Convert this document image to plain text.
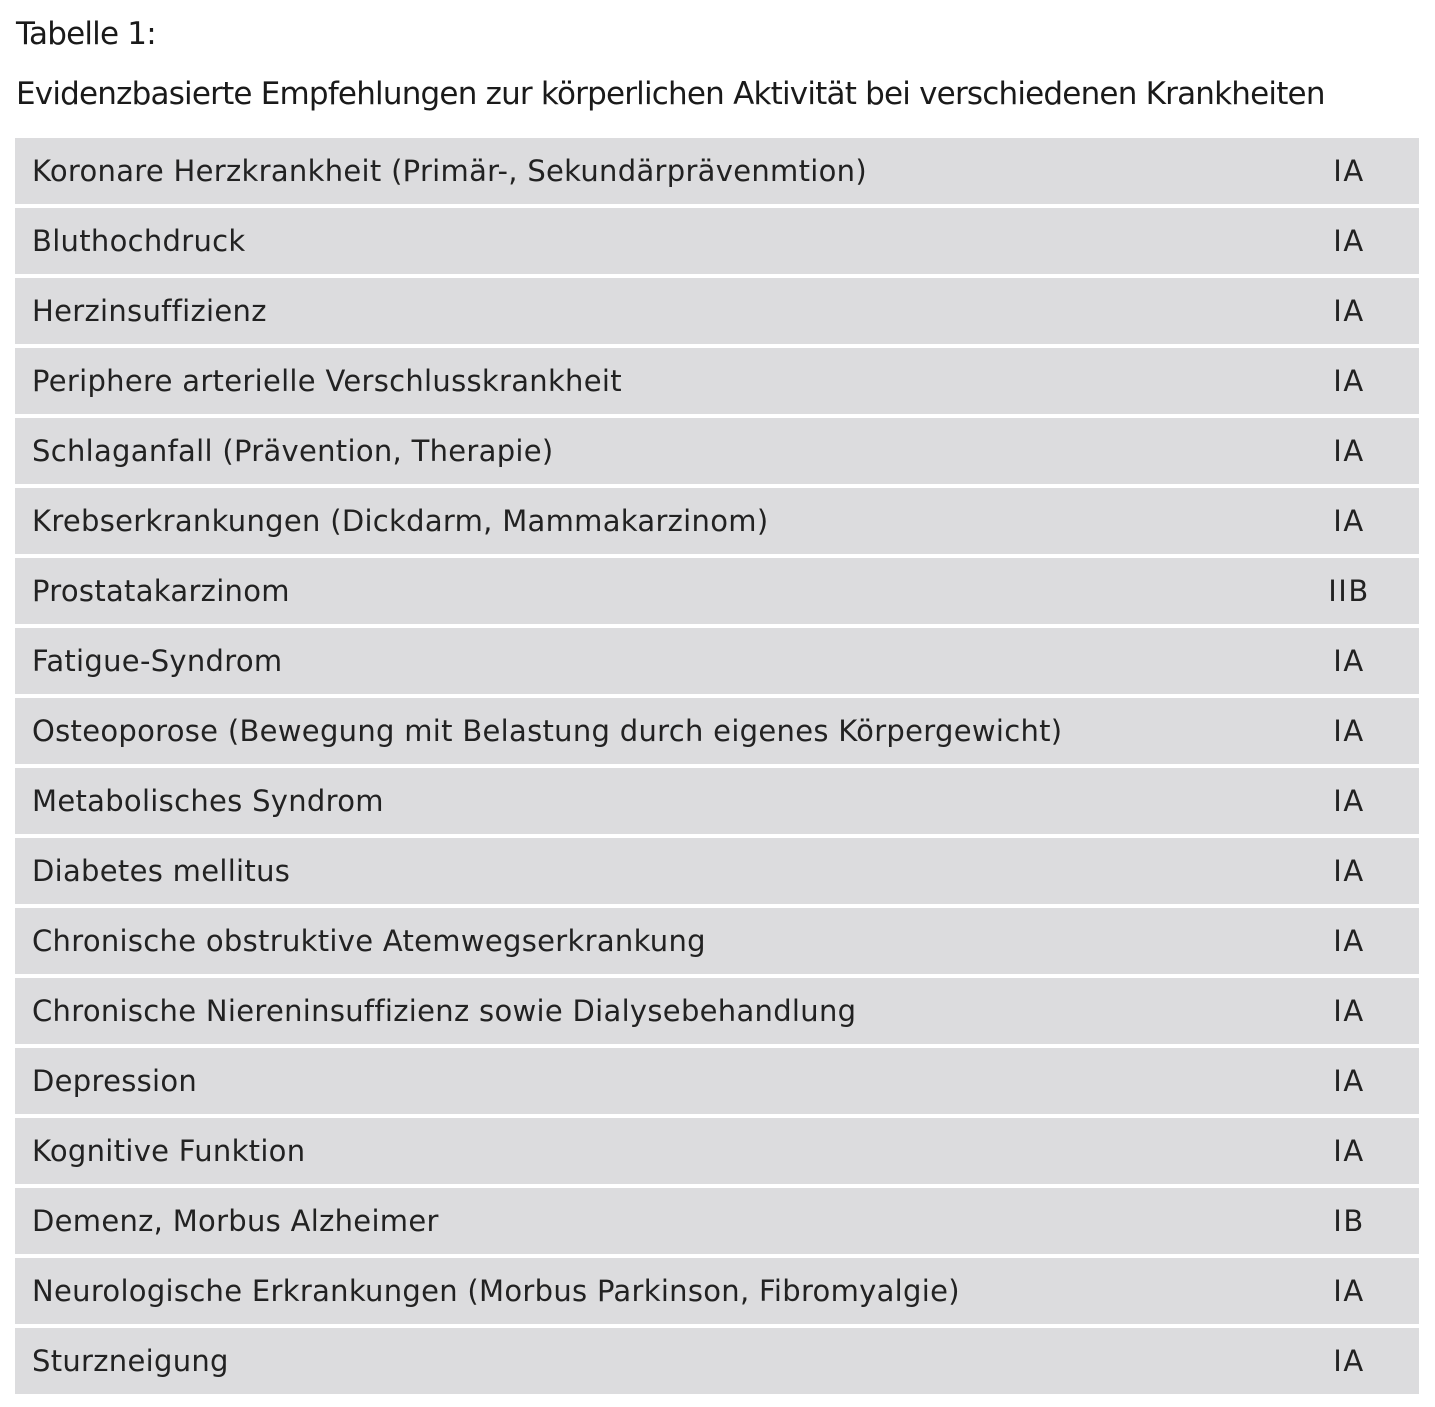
Tabelle 1:
Evidenzbasierte Empfehlungen zur körperlichen Aktivität bei verschiedenen Krankheiten
Koronare Herzkrankheit (Primär-, Sekundärprävenmtion)	IA
Bluthochdruck	IA
Herzinsuffizienz	IA
Periphere arterielle Verschlusskrankheit	IA
Schlaganfall (Prävention, Therapie)	IA
Krebserkrankungen (Dickdarm, Mammakarzinom)	IA
Prostatakarzinom	IIB
Fatigue-Syndrom	IA
Osteoporose (Bewegung mit Belastung durch eigenes Körpergewicht)	IA
Metabolisches Syndrom	IA
Diabetes mellitus	IA
Chronische obstruktive Atemwegserkrankung	IA
Chronische Niereninsuffizienz sowie Dialysebehandlung	IA
Depression	IA
Kognitive Funktion	IA
Demenz, Morbus Alzheimer	IB
Neurologische Erkrankungen (Morbus Parkinson, Fibromyalgie)	IA
Sturzneigung	IA
